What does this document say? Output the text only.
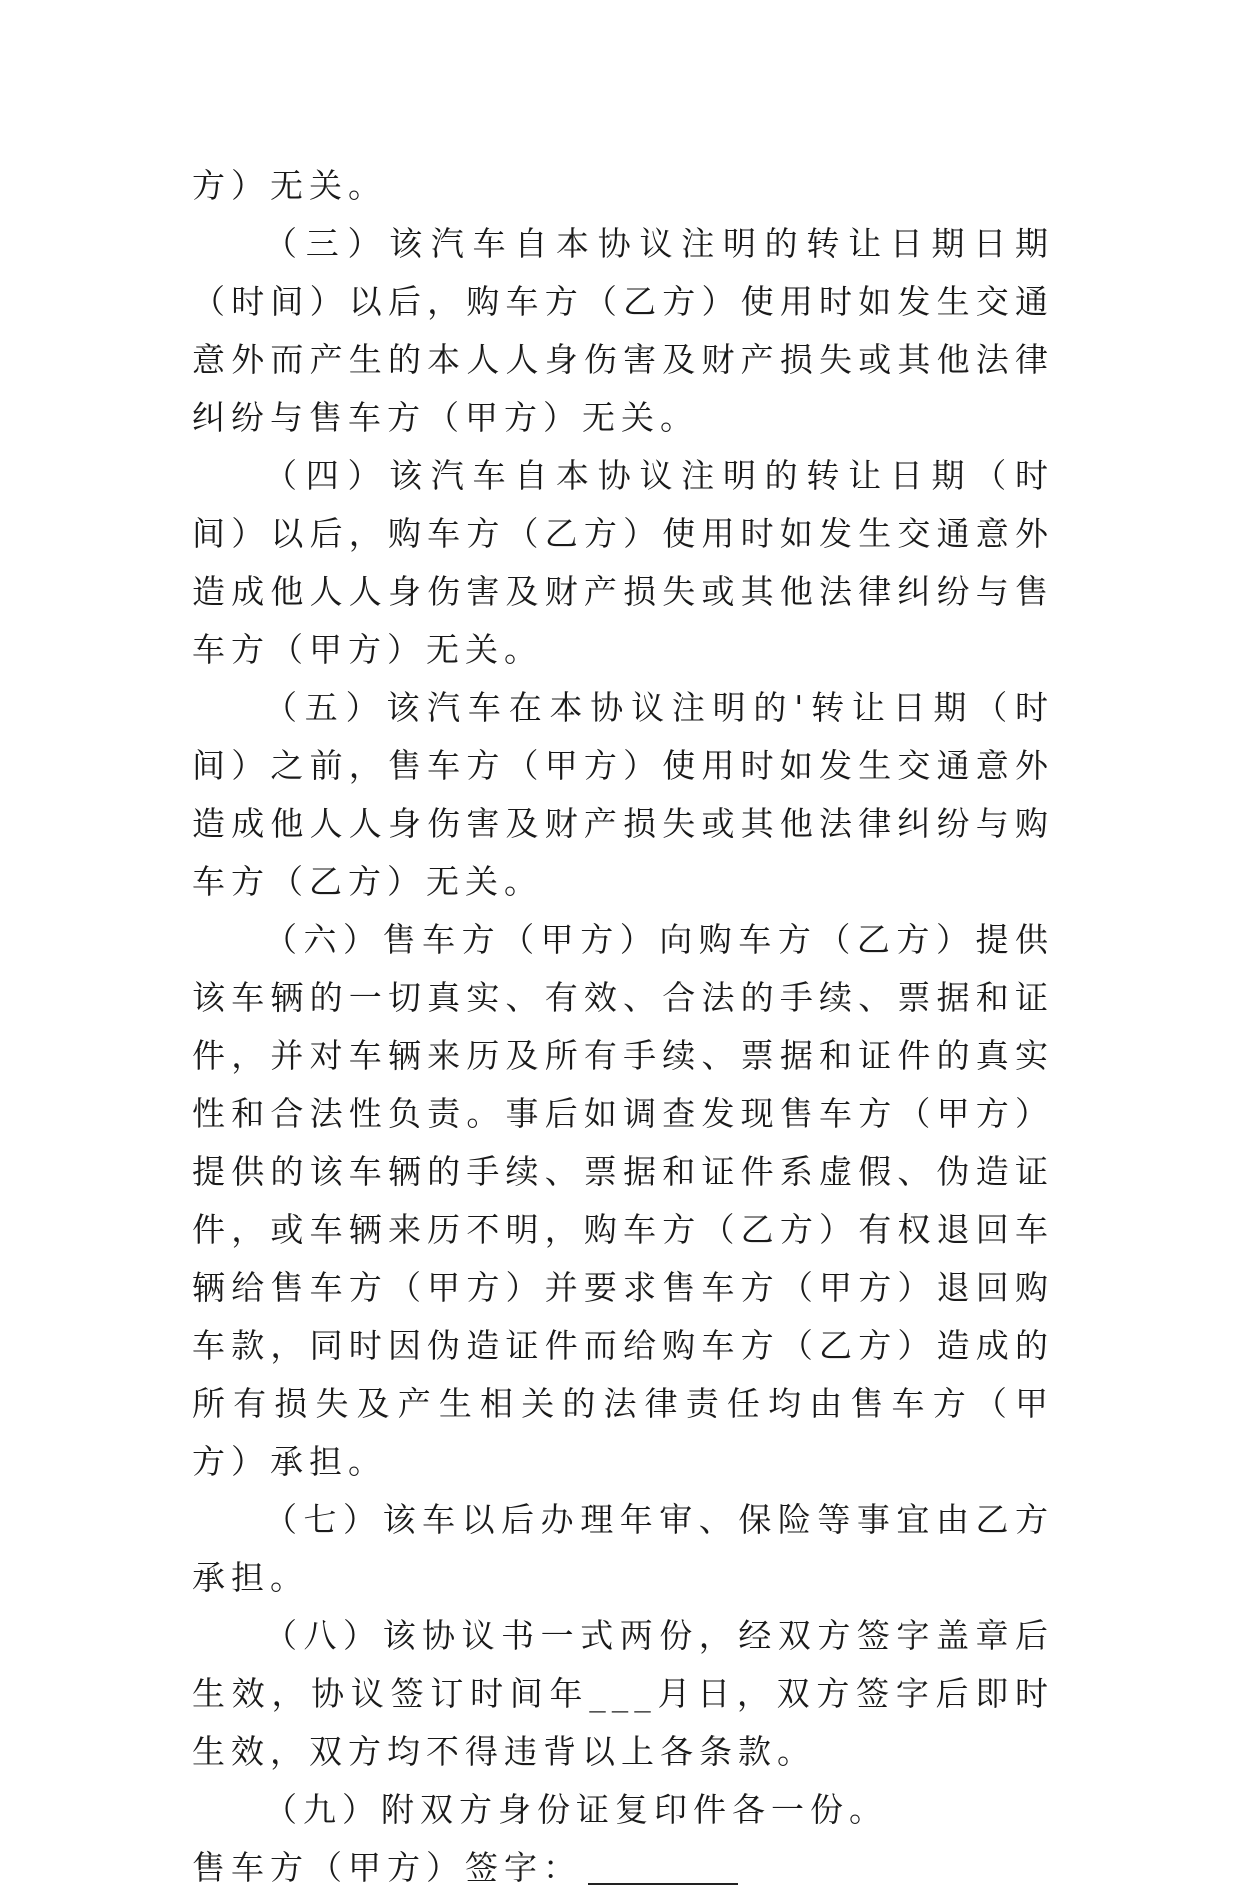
方）无关。

（三）该汽车自本协议注明的转让日期日期（时间）以后，购车方（乙方）使用时如发生交通意外而产生的本人人身伤害及财产损失或其他法律纠纷与售车方（甲方）无关。

（四）该汽车自本协议注明的转让日期（时间）以后，购车方（乙方）使用时如发生交通意外造成他人人身伤害及财产损失或其他法律纠纷与售车方（甲方）无关。

（五）该汽车在本协议注明的'转让日期（时间）之前，售车方（甲方）使用时如发生交通意外造成他人人身伤害及财产损失或其他法律纠纷与购车方（乙方）无关。

（六）售车方（甲方）向购车方（乙方）提供该车辆的一切真实、有效、合法的手续、票据和证件，并对车辆来历及所有手续、票据和证件的真实性和合法性负责。事后如调查发现售车方（甲方）提供的该车辆的手续、票据和证件系虚假、伪造证件，或车辆来历不明，购车方（乙方）有权退回车辆给售车方（甲方）并要求售车方（甲方）退回购车款，同时因伪造证件而给购车方（乙方）造成的所有损失及产生相关的法律责任均由售车方（甲方）承担。

（七）该车以后办理年审、保险等事宜由乙方承担。

（八）该协议书一式两份，经双方签字盖章后生效，协议签订时间年___月日，双方签字后即时生效，双方均不得违背以上各条款。

（九）附双方身份证复印件各一份。

售车方（甲方）签字：
